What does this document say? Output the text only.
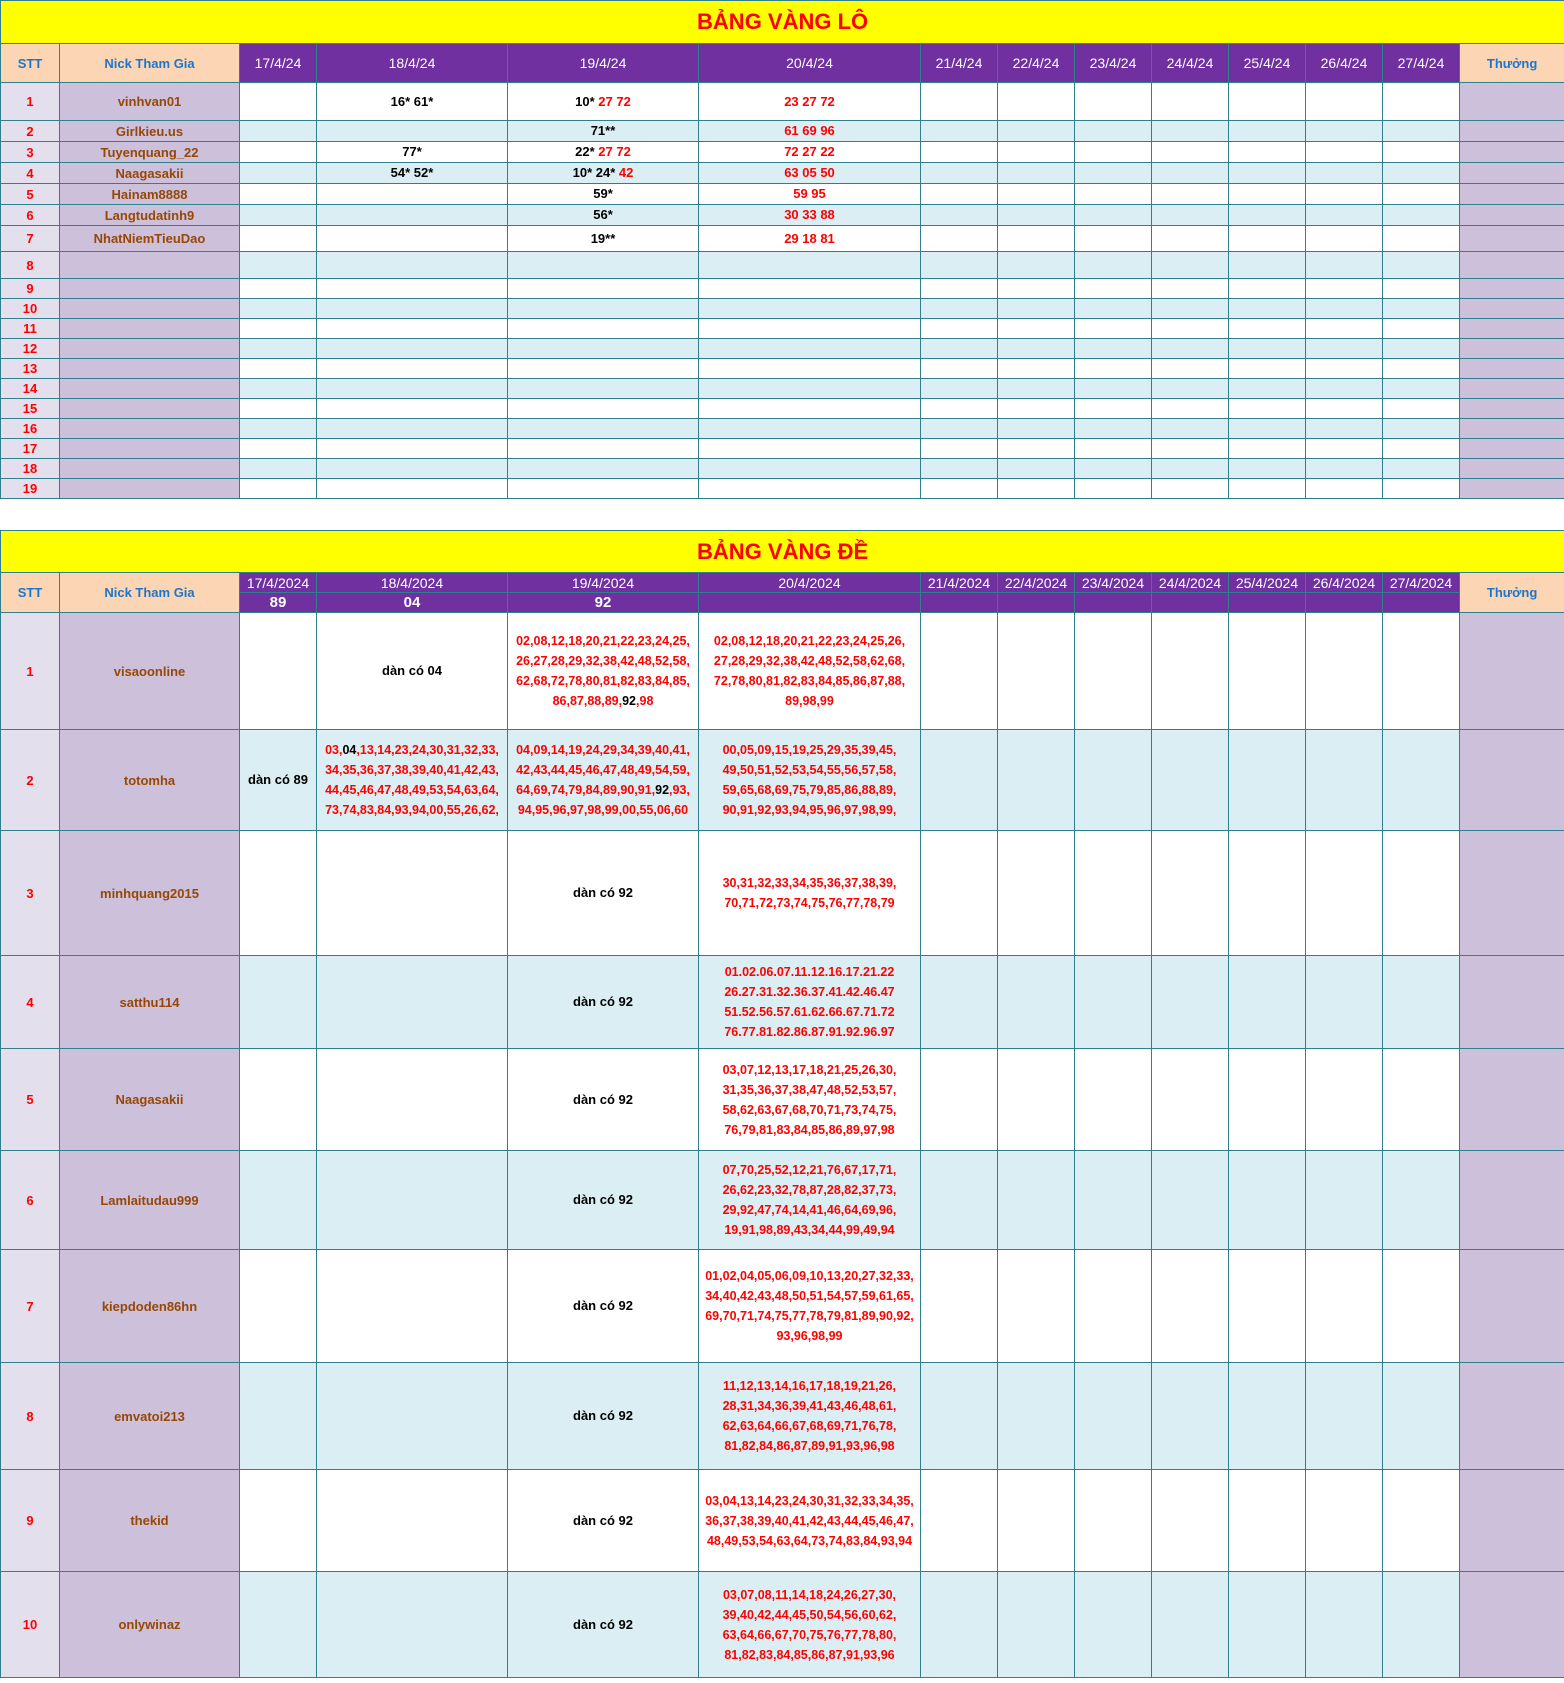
BẢNG VÀNG LÔ													
STT	Nick Tham Gia	17/4/24	18/4/24	19/4/24	20/4/24	21/4/24	22/4/24	23/4/24	24/4/24	25/4/24	26/4/24	27/4/24	Thưởng
1	vinhvan01		16* 61*	10* 27 72	23 27 72								
2	Girlkieu.us			71**	61 69 96								
3	Tuyenquang_22		77*	22* 27 72	72 27 22								
4	Naagasakii		54* 52*	10* 24* 42	63 05 50								
5	Hainam8888			59*	59 95								
6	Langtudatinh9			56*	30 33 88								
7	NhatNiemTieuDao			19**	29 18 81								
8													
9													
10													
11													
12													
13													
14													
15													
16													
17													
18													
19													
BẢNG VÀNG ĐỀ													
STT	Nick Tham Gia	17/4/2024	18/4/2024	19/4/2024	20/4/2024	21/4/2024	22/4/2024	23/4/2024	24/4/2024	25/4/2024	26/4/2024	27/4/2024	Thưởng
		89	04	92									
1	visaoonline		dàn có 04	02,08,12,18,20,21,22,23,24,25, 26,27,28,29,32,38,42,48,52,58, 62,68,72,78,80,81,82,83,84,85, 86,87,88,89,92,98	02,08,12,18,20,21,22,23,24,25,26, 27,28,29,32,38,42,48,52,58,62,68, 72,78,80,81,82,83,84,85,86,87,88, 89,98,99								
2	totomha	dàn có 89	03,04,13,14,23,24,30,31,32,33, 34,35,36,37,38,39,40,41,42,43, 44,45,46,47,48,49,53,54,63,64, 73,74,83,84,93,94,00,55,26,62,	04,09,14,19,24,29,34,39,40,41, 42,43,44,45,46,47,48,49,54,59, 64,69,74,79,84,89,90,91,92,93, 94,95,96,97,98,99,00,55,06,60	00,05,09,15,19,25,29,35,39,45, 49,50,51,52,53,54,55,56,57,58, 59,65,68,69,75,79,85,86,88,89, 90,91,92,93,94,95,96,97,98,99,								
3	minhquang2015			dàn có 92	30,31,32,33,34,35,36,37,38,39, 70,71,72,73,74,75,76,77,78,79								
4	satthu114			dàn có 92	01.02.06.07.11.12.16.17.21.22 26.27.31.32.36.37.41.42.46.47 51.52.56.57.61.62.66.67.71.72 76.77.81.82.86.87.91.92.96.97								
5	Naagasakii			dàn có 92	03,07,12,13,17,18,21,25,26,30, 31,35,36,37,38,47,48,52,53,57, 58,62,63,67,68,70,71,73,74,75, 76,79,81,83,84,85,86,89,97,98								
6	Lamlaitudau999			dàn có 92	07,70,25,52,12,21,76,67,17,71, 26,62,23,32,78,87,28,82,37,73, 29,92,47,74,14,41,46,64,69,96, 19,91,98,89,43,34,44,99,49,94								
7	kiepdoden86hn			dàn có 92	01,02,04,05,06,09,10,13,20,27,32,33, 34,40,42,43,48,50,51,54,57,59,61,65, 69,70,71,74,75,77,78,79,81,89,90,92, 93,96,98,99								
8	emvatoi213			dàn có 92	11,12,13,14,16,17,18,19,21,26, 28,31,34,36,39,41,43,46,48,61, 62,63,64,66,67,68,69,71,76,78, 81,82,84,86,87,89,91,93,96,98								
9	thekid			dàn có 92	03,04,13,14,23,24,30,31,32,33,34,35, 36,37,38,39,40,41,42,43,44,45,46,47, 48,49,53,54,63,64,73,74,83,84,93,94								
10	onlywinaz			dàn có 92	03,07,08,11,14,18,24,26,27,30, 39,40,42,44,45,50,54,56,60,62, 63,64,66,67,70,75,76,77,78,80, 81,82,83,84,85,86,87,91,93,96								
